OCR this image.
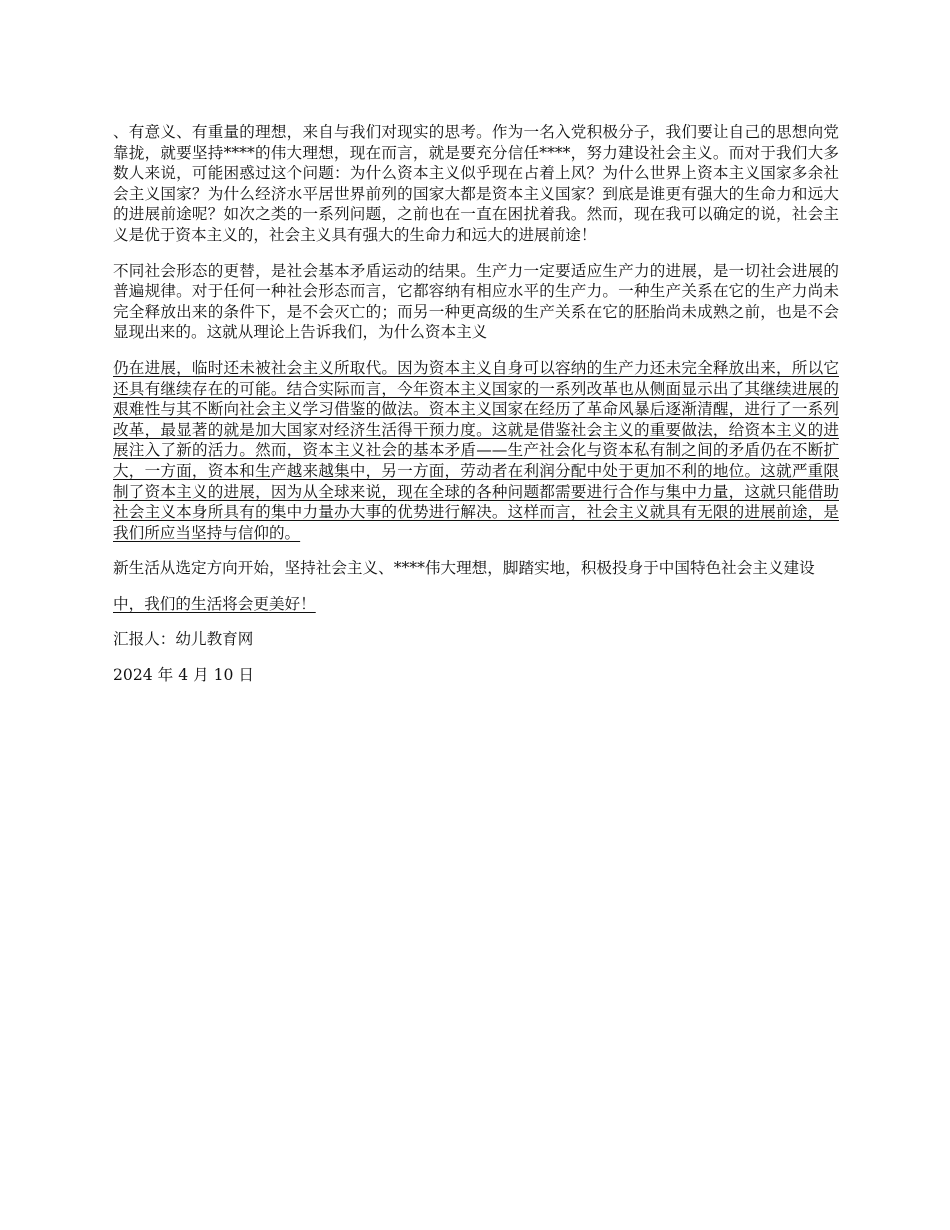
、有意义、有重量的理想，来自与我们对现实的思考。作为一名入党积极分子，我们要让自己的思想向党靠拢，就要坚持****的伟大理想，现在而言，就是要充分信任****，努力建设社会主义。而对于我们大多数人来说，可能困惑过这个问题：为什么资本主义似乎现在占着上风？为什么世界上资本主义国家多余社会主义国家？为什么经济水平居世界前列的国家大都是资本主义国家？到底是谁更有强大的生命力和远大的进展前途呢？如次之类的一系列问题，之前也在一直在困扰着我。然而，现在我可以确定的说，社会主义是优于资本主义的，社会主义具有强大的生命力和远大的进展前途！

不同社会形态的更替，是社会基本矛盾运动的结果。生产力一定要适应生产力的进展，是一切社会进展的普遍规律。对于任何一种社会形态而言，它都容纳有相应水平的生产力。一种生产关系在它的生产力尚未完全释放出来的条件下，是不会灭亡的；而另一种更高级的生产关系在它的胚胎尚未成熟之前，也是不会显现出来的。这就从理论上告诉我们，为什么资本主义

仍在进展，临时还未被社会主义所取代。因为资本主义自身可以容纳的生产力还未完全释放出来，所以它还具有继续存在的可能。结合实际而言，今年资本主义国家的一系列改革也从侧面显示出了其继续进展的艰难性与其不断向社会主义学习借鉴的做法。资本主义国家在经历了革命风暴后逐渐清醒，进行了一系列改革，最显著的就是加大国家对经济生活得干预力度。这就是借鉴社会主义的重要做法，给资本主义的进展注入了新的活力。然而，资本主义社会的基本矛盾——生产社会化与资本私有制之间的矛盾仍在不断扩大，一方面，资本和生产越来越集中，另一方面，劳动者在利润分配中处于更加不利的地位。这就严重限制了资本主义的进展，因为从全球来说，现在全球的各种问题都需要进行合作与集中力量，这就只能借助社会主义本身所具有的集中力量办大事的优势进行解决。这样而言，社会主义就具有无限的进展前途，是我们所应当坚持与信仰的。

新生活从选定方向开始，坚持社会主义、****伟大理想，脚踏实地，积极投身于中国特色社会主义建设

中，我们的生活将会更美好！

汇报人：幼儿教育网

2024 年 4 月 10 日
